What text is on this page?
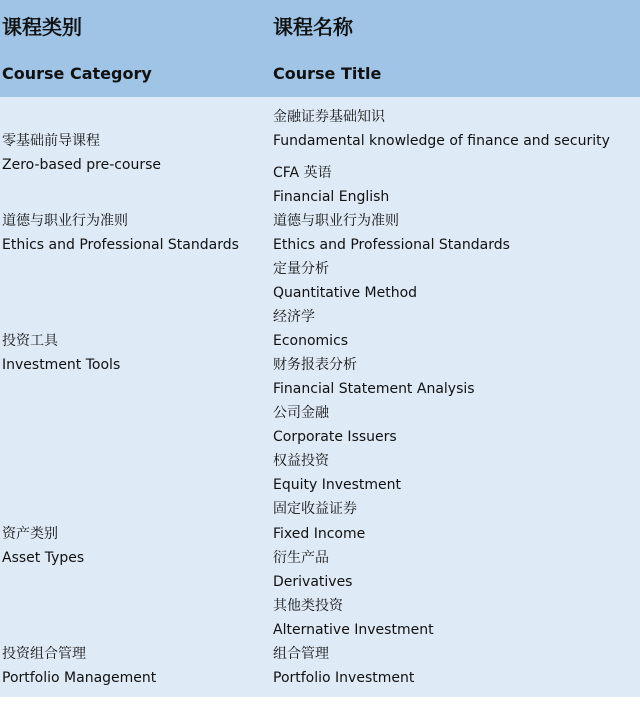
课程类别	课程名称
Course Category	Course Title
零基础前导课程
Zero-based pre-course
道德与职业行为准则
Ethics and Professional Standards
投资工具
Investment Tools
资产类别
Asset Types
投资组合管理
Portfolio Management
金融证券基础知识
Fundamental knowledge of finance and security
CFA 英语
Financial English
道德与职业行为准则
Ethics and Professional Standards
定量分析
Quantitative Method
经济学
Economics
财务报表分析
Financial Statement Analysis
公司金融
Corporate Issuers
权益投资
Equity Investment
固定收益证券
Fixed Income
衍生产品
Derivatives
其他类投资
Alternative Investment
组合管理
Portfolio Investment
